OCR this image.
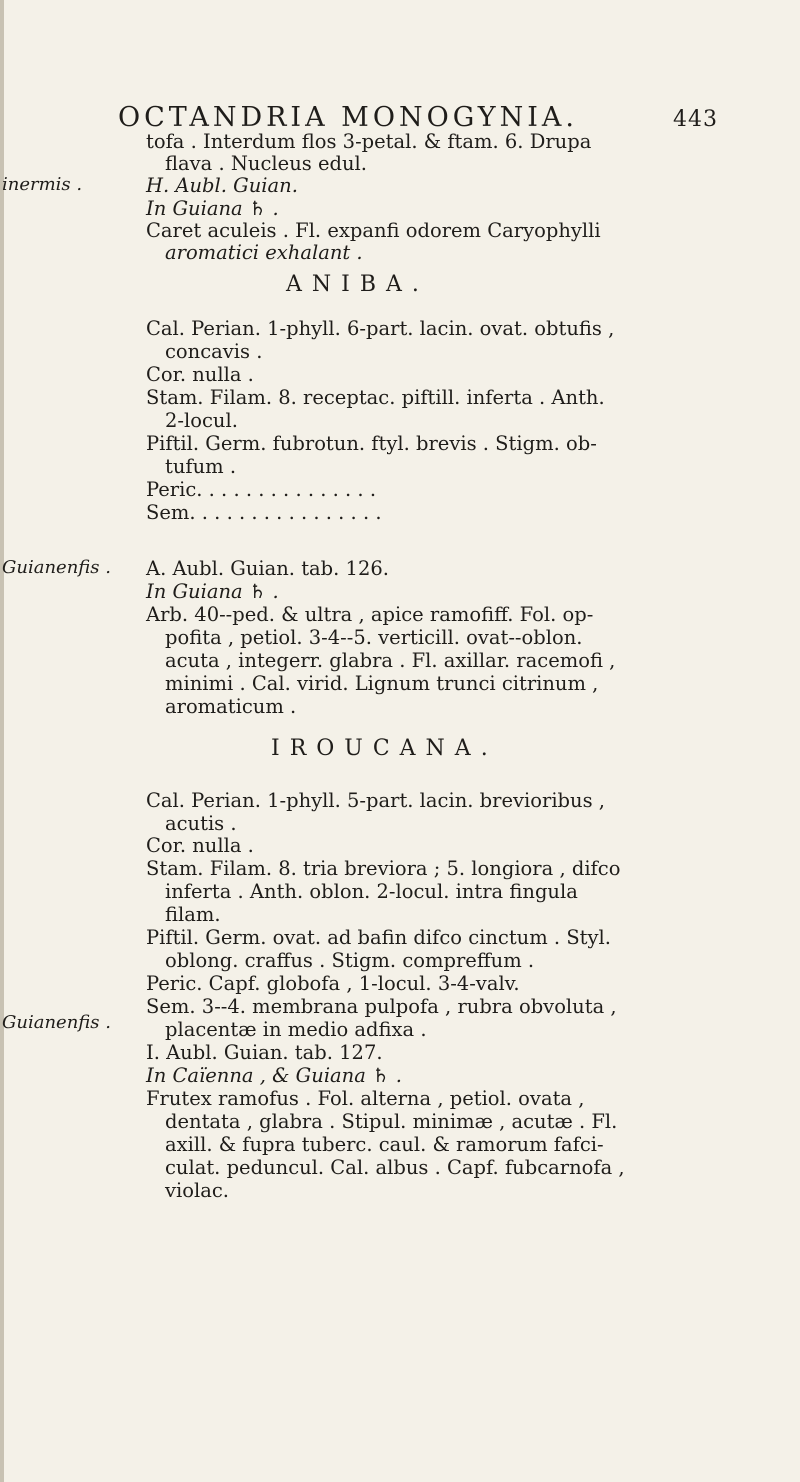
OCTANDRIA MONOGYNIA.	443
inermis .
Guianenfis .
Guianenfis .
ANIBA.
IROUCANA.
tofa . Interdum flos 3-petal. & ftam. 6. Drupa
flava . Nucleus edul.
H. Aubl. Guian.
In Guiana ♄ .
Caret aculeis . Fl. expanfi odorem Caryophylli
aromatici exhalant .
Cal. Perian. 1-phyll. 6-part. lacin. ovat. obtufis ,
concavis .
Cor. nulla .
Stam. Filam. 8. receptac. piftill. inferta . Anth.
2-locul.
Piftil. Germ. fubrotun. ftyl. brevis . Stigm. ob-
tufum .
Peric. . . . . . . . . . . . . . .
Sem. . . . . . . . . . . . . . . .
A. Aubl. Guian. tab. 126.
In Guiana ♄ .
Arb. 40--ped. & ultra , apice ramofiff. Fol. op-
pofita , petiol. 3-4--5. verticill. ovat--oblon.
acuta , integerr. glabra . Fl. axillar. racemofi ,
minimi . Cal. virid. Lignum trunci citrinum ,
aromaticum .
Cal. Perian. 1-phyll. 5-part. lacin. brevioribus ,
acutis .
Cor. nulla .
Stam. Filam. 8. tria breviora ; 5. longiora , difco
inferta . Anth. oblon. 2-locul. intra fingula
filam.
Piftil. Germ. ovat. ad bafin difco cinctum . Styl.
oblong. craffus . Stigm. compreffum .
Peric. Capf. globofa , 1-locul. 3-4-valv.
Sem. 3--4. membrana pulpofa , rubra obvoluta ,
placentæ in medio adfixa .
I. Aubl. Guian. tab. 127.
In Caïenna , & Guiana ♄ .
Frutex ramofus . Fol. alterna , petiol. ovata ,
dentata , glabra . Stipul. minimæ , acutæ . Fl.
axill. & fupra tuberc. caul. & ramorum fafci-
culat. peduncul. Cal. albus . Capf. fubcarnofa ,
violac.
